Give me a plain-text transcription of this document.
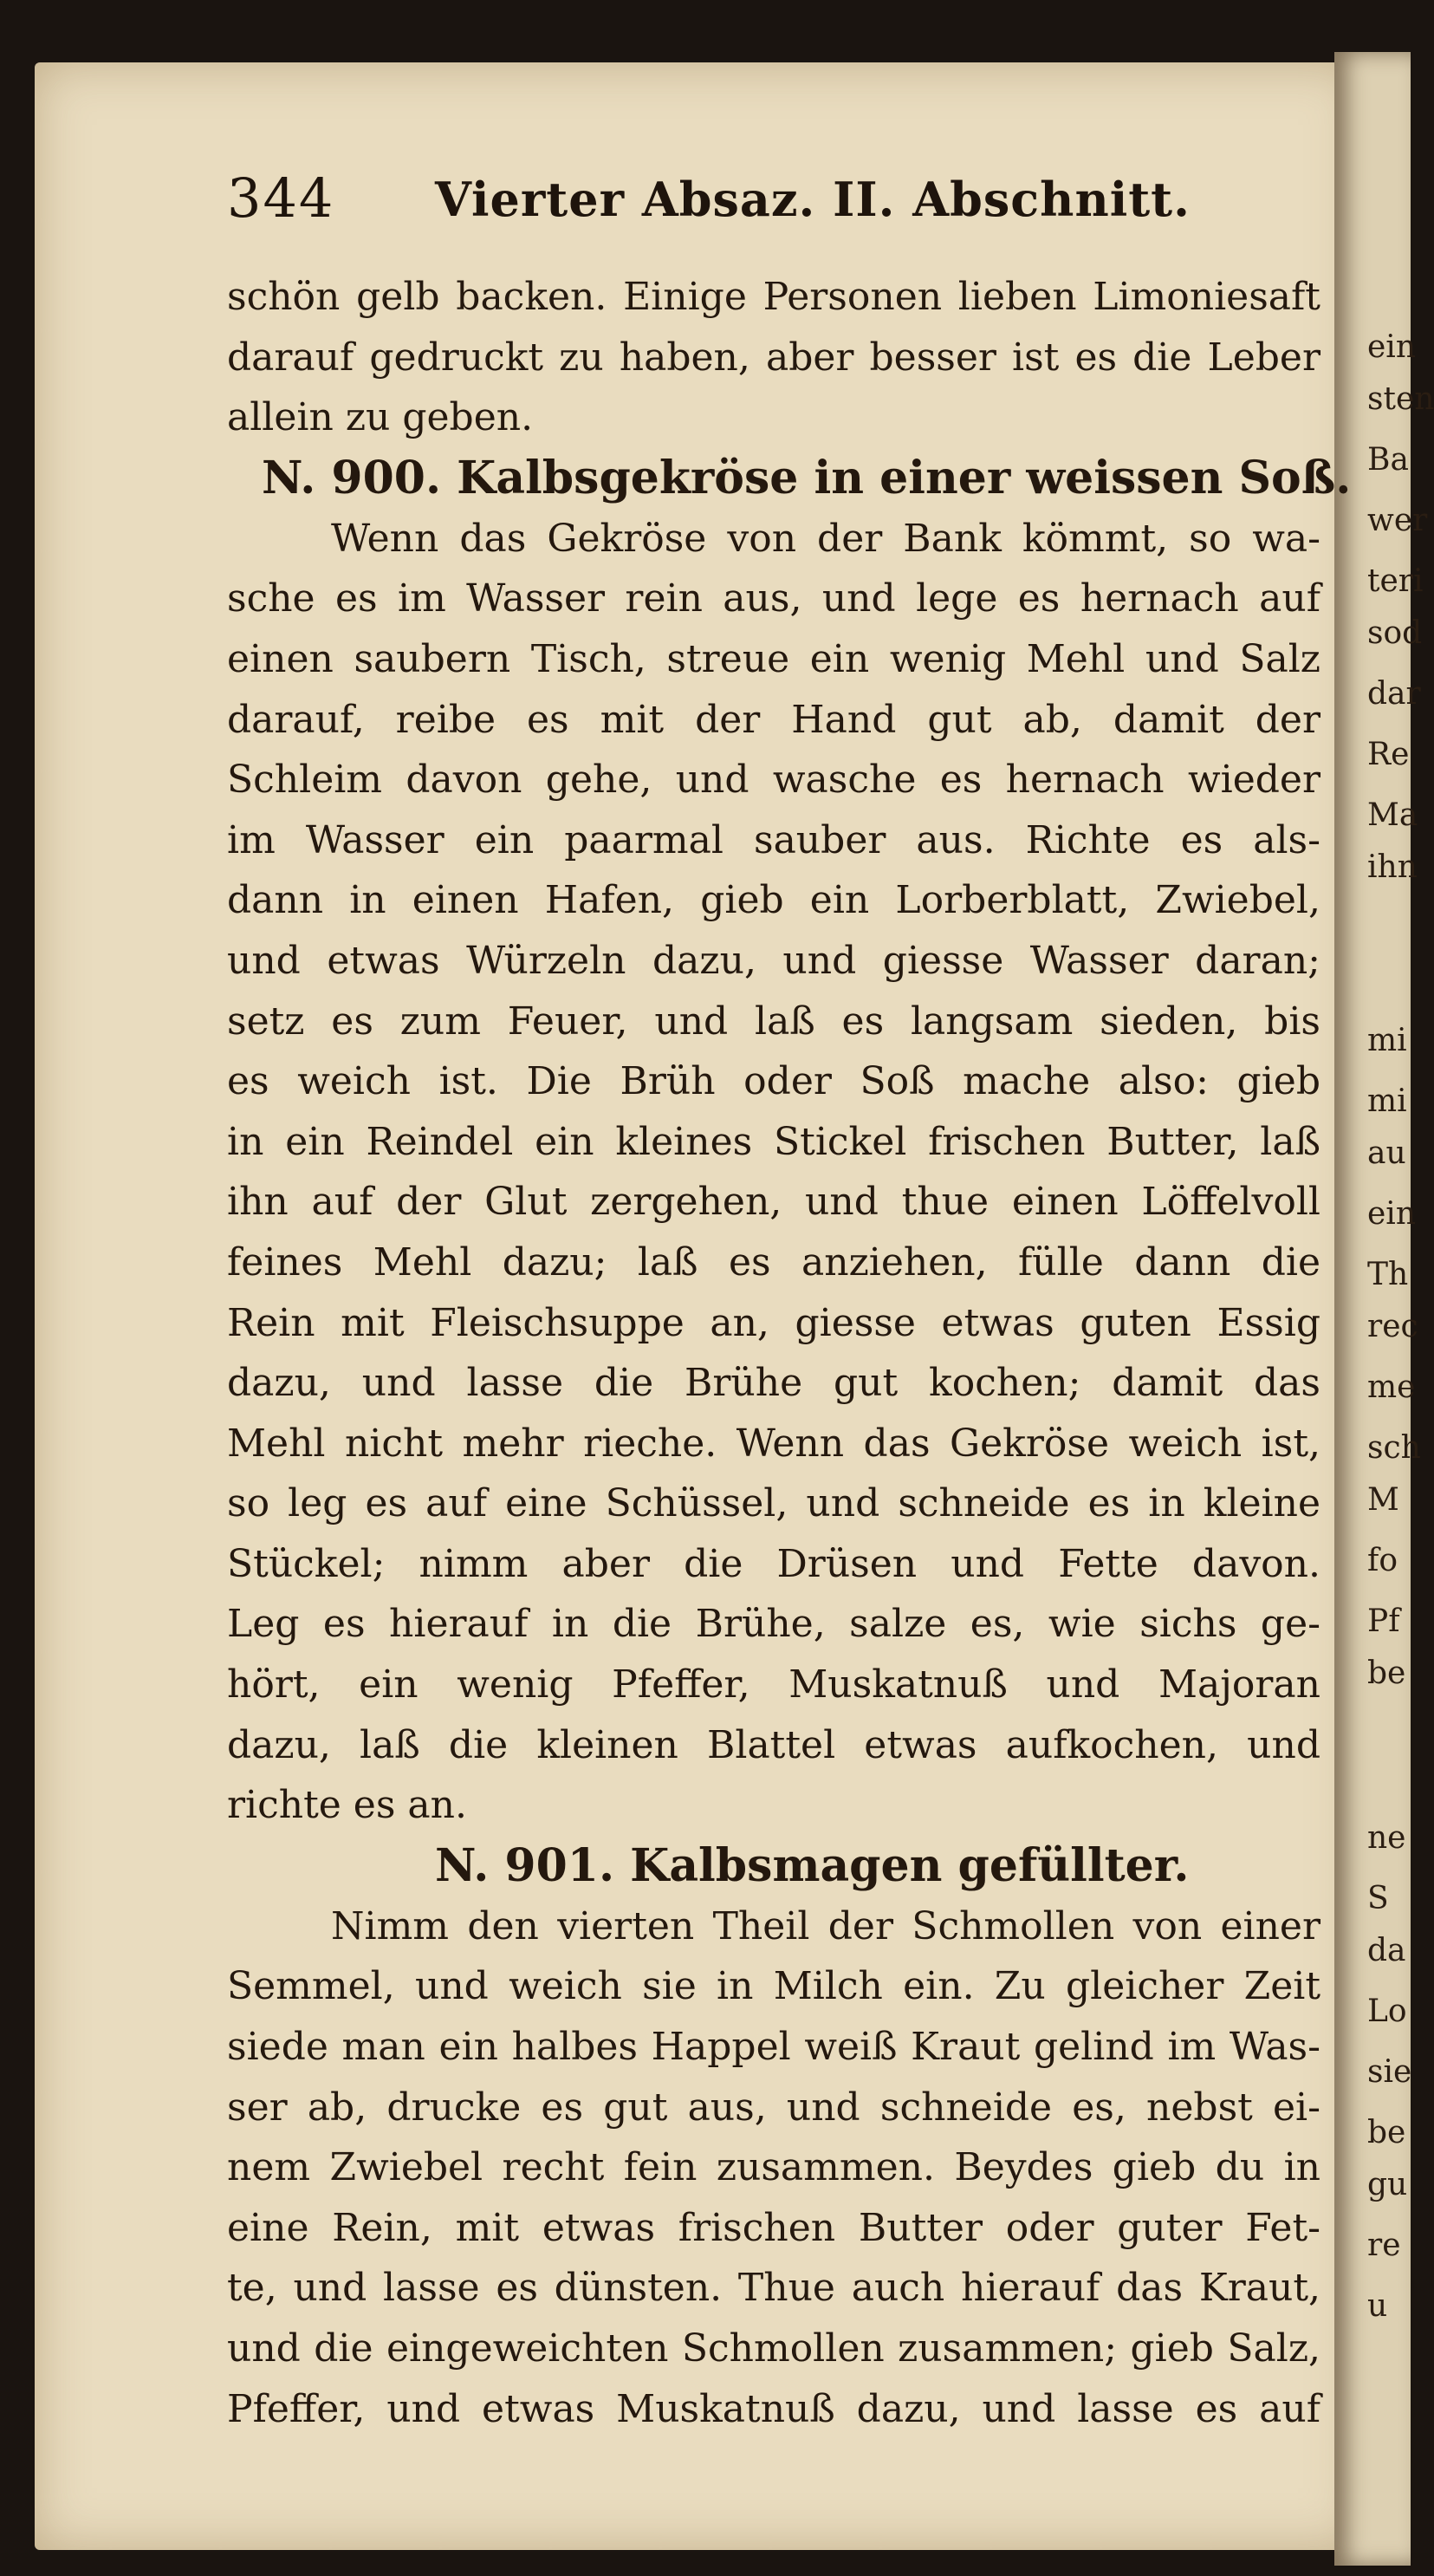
ein
sten
Ba
wer
teri
sod
dar
Re
Ma
ihn
mi
mi
au
ein
Th
rec
me
sch
M
fo
Pf
be
ne
S
da
Lo
sie
be
gu
re
u
344 Vierter Absaz. II. Abschnitt.
schön gelb backen. Einige Personen lieben Limoniesaft
darauf gedruckt zu haben, aber besser ist es die Leber
allein zu geben.
N. 900. Kalbsgekröse in einer weissen Soß.
Wenn das Gekröse von der Bank kömmt, so wa-
sche es im Wasser rein aus, und lege es hernach auf
einen saubern Tisch, streue ein wenig Mehl und Salz
darauf, reibe es mit der Hand gut ab, damit der
Schleim davon gehe, und wasche es hernach wieder
im Wasser ein paarmal sauber aus. Richte es als-
dann in einen Hafen, gieb ein Lorberblatt, Zwiebel,
und etwas Würzeln dazu, und giesse Wasser daran;
setz es zum Feuer, und laß es langsam sieden, bis
es weich ist. Die Brüh oder Soß mache also: gieb
in ein Reindel ein kleines Stickel frischen Butter, laß
ihn auf der Glut zergehen, und thue einen Löffelvoll
feines Mehl dazu; laß es anziehen, fülle dann die
Rein mit Fleischsuppe an, giesse etwas guten Essig
dazu, und lasse die Brühe gut kochen; damit das
Mehl nicht mehr rieche. Wenn das Gekröse weich ist,
so leg es auf eine Schüssel, und schneide es in kleine
Stückel; nimm aber die Drüsen und Fette davon.
Leg es hierauf in die Brühe, salze es, wie sichs ge-
hört, ein wenig Pfeffer, Muskatnuß und Majoran
dazu, laß die kleinen Blattel etwas aufkochen, und
richte es an.
N. 901. Kalbsmagen gefüllter.
Nimm den vierten Theil der Schmollen von einer
Semmel, und weich sie in Milch ein. Zu gleicher Zeit
siede man ein halbes Happel weiß Kraut gelind im Was-
ser ab, drucke es gut aus, und schneide es, nebst ei-
nem Zwiebel recht fein zusammen. Beydes gieb du in
eine Rein, mit etwas frischen Butter oder guter Fet-
te, und lasse es dünsten. Thue auch hierauf das Kraut,
und die eingeweichten Schmollen zusammen; gieb Salz,
Pfeffer, und etwas Muskatnuß dazu, und lasse es auf
